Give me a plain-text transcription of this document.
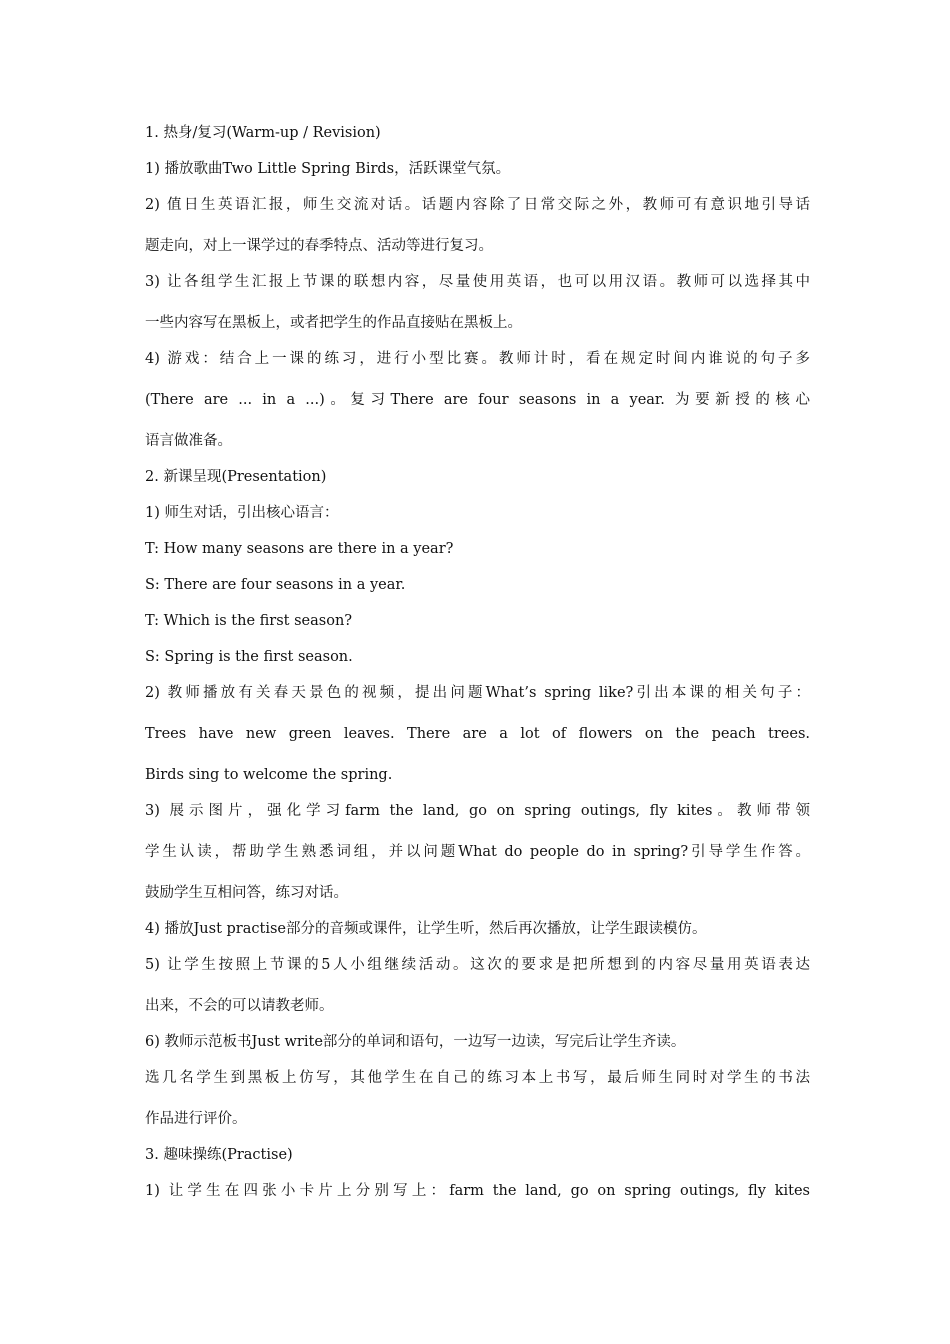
1. 热身/复习(Warm-up / Revision)

1) 播放歌曲Two Little Spring Birds，活跃课堂气氛。

2) 值日生英语汇报，师生交流对话。话题内容除了日常交际之外，教师可有意识地引导话

题走向，对上一课学过的春季特点、活动等进行复习。

3) 让各组学生汇报上节课的联想内容，尽量使用英语，也可以用汉语。教师可以选择其中

一些内容写在黑板上，或者把学生的作品直接贴在黑板上。

4) 游戏：结合上一课的练习，进行小型比赛。教师计时，看在规定时间内谁说的句子多

(There are ... in a ...)。复习There are four seasons in a year. 为要新授的核心

语言做准备。

2. 新课呈现(Presentation)

1) 师生对话，引出核心语言：

T: How many seasons are there in a year?

S: There are four seasons in a year.

T: Which is the first season?

S: Spring is the first season.

2) 教师播放有关春天景色的视频，提出问题What’s spring like?引出本课的相关句子：

Trees have new green leaves. There are a lot of flowers on the peach trees.

Birds sing to welcome the spring.

3) 展示图片，强化学习farm the land, go on spring outings, fly kites。教师带领

学生认读，帮助学生熟悉词组，并以问题What do people do in spring?引导学生作答。

鼓励学生互相问答，练习对话。

4) 播放Just practise部分的音频或课件，让学生听，然后再次播放，让学生跟读模仿。

5) 让学生按照上节课的5人小组继续活动。这次的要求是把所想到的内容尽量用英语表达

出来，不会的可以请教老师。

6) 教师示范板书Just write部分的单词和语句，一边写一边读，写完后让学生齐读。

选几名学生到黑板上仿写，其他学生在自己的练习本上书写，最后师生同时对学生的书法

作品进行评价。

3. 趣味操练(Practise)

1) 让学生在四张小卡片上分别写上：farm the land, go on spring outings, fly kites
